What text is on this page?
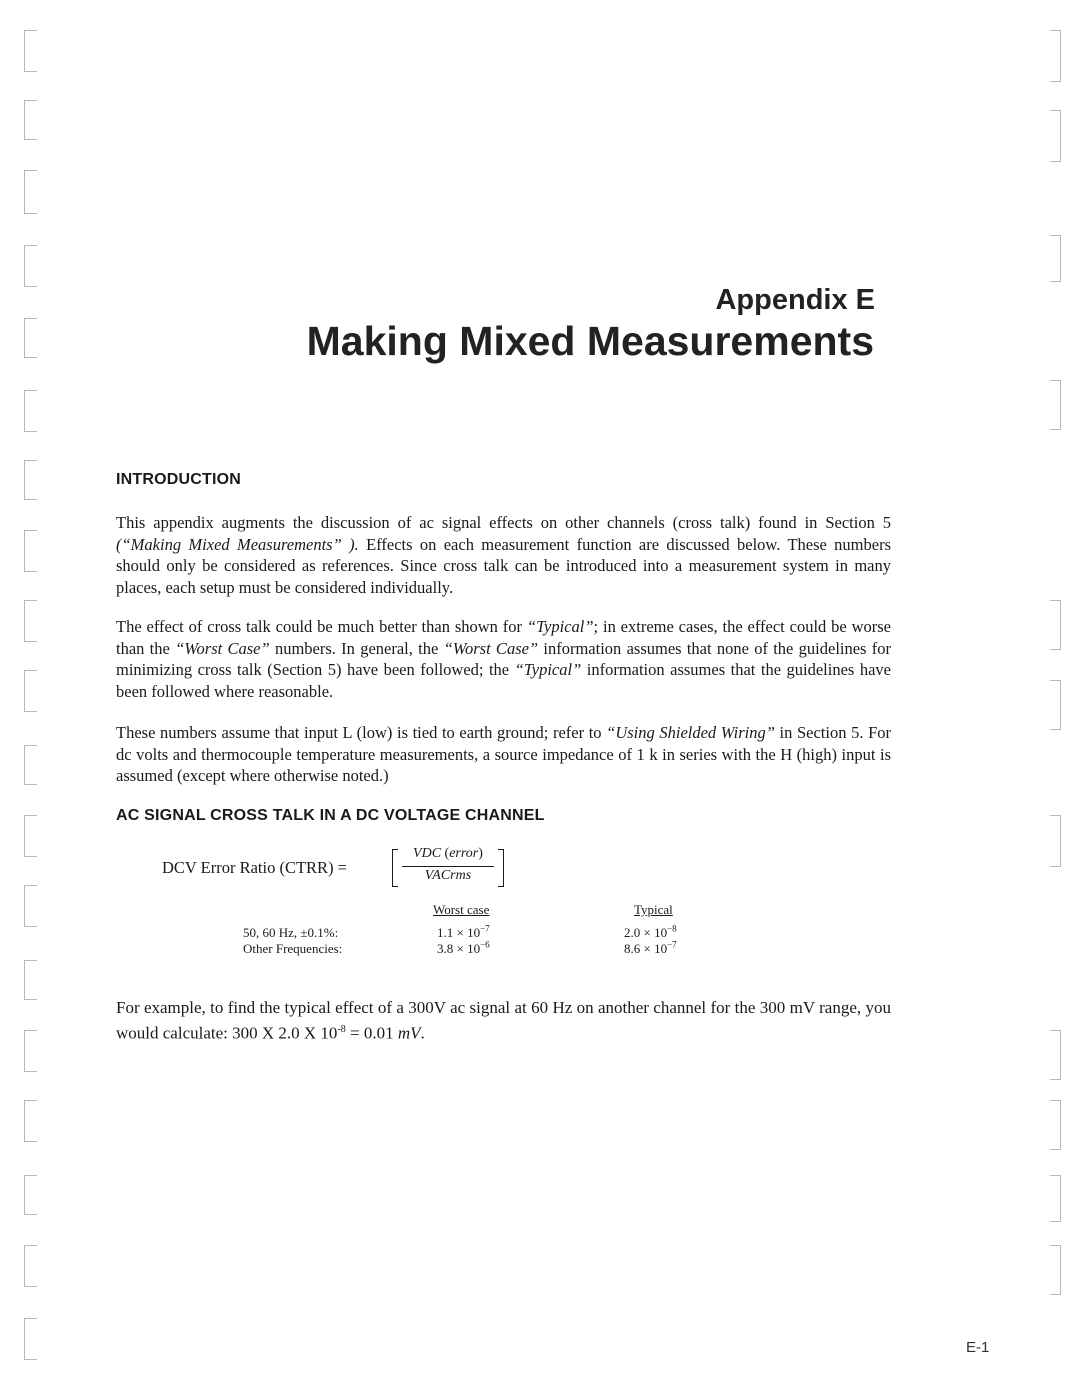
Appendix E
Making Mixed Measurements
INTRODUCTION

This appendix augments the discussion of ac signal effects on other channels (cross talk) found in Section 5 (“Making Mixed Measurements” ). Effects on each measurement function are discussed below. These numbers should only be considered as references. Since cross talk can be introduced into a measurement system in many places, each setup must be considered individually.

The effect of cross talk could be much better than shown for “Typical”; in extreme cases, the effect could be worse than the “Worst Case” numbers. In general, the “Worst Case” information assumes that none of the guidelines for minimizing cross talk (Section 5) have been followed; the “Typical” information assumes that the guidelines have been followed where reasonable.

These numbers assume that input L (low) is tied to earth ground; refer to “Using Shielded Wiring” in Section 5. For dc volts and thermocouple temperature measurements, a source impedance of 1 k in series with the H (high) input is assumed (except where otherwise noted.)

AC SIGNAL CROSS TALK IN A DC VOLTAGE CHANNEL
DCV Error Ratio (CTRR) =
VDC (error)
VACrms
Worst case	Typical
50, 60 Hz, ±0.1%:	$1.1 \times 10^{-7}$	$2.0 \times 10^{-8}$
Other Frequencies:	$3.8 \times 10^{-6}$	$8.6 \times 10^{-7}$

For example, to find the typical effect of a 300V ac signal at 60 Hz on another channel for the 300 mV range, you would calculate: 300 X 2.0 X $10^{-8} = 0.01$ mV.

E-1
